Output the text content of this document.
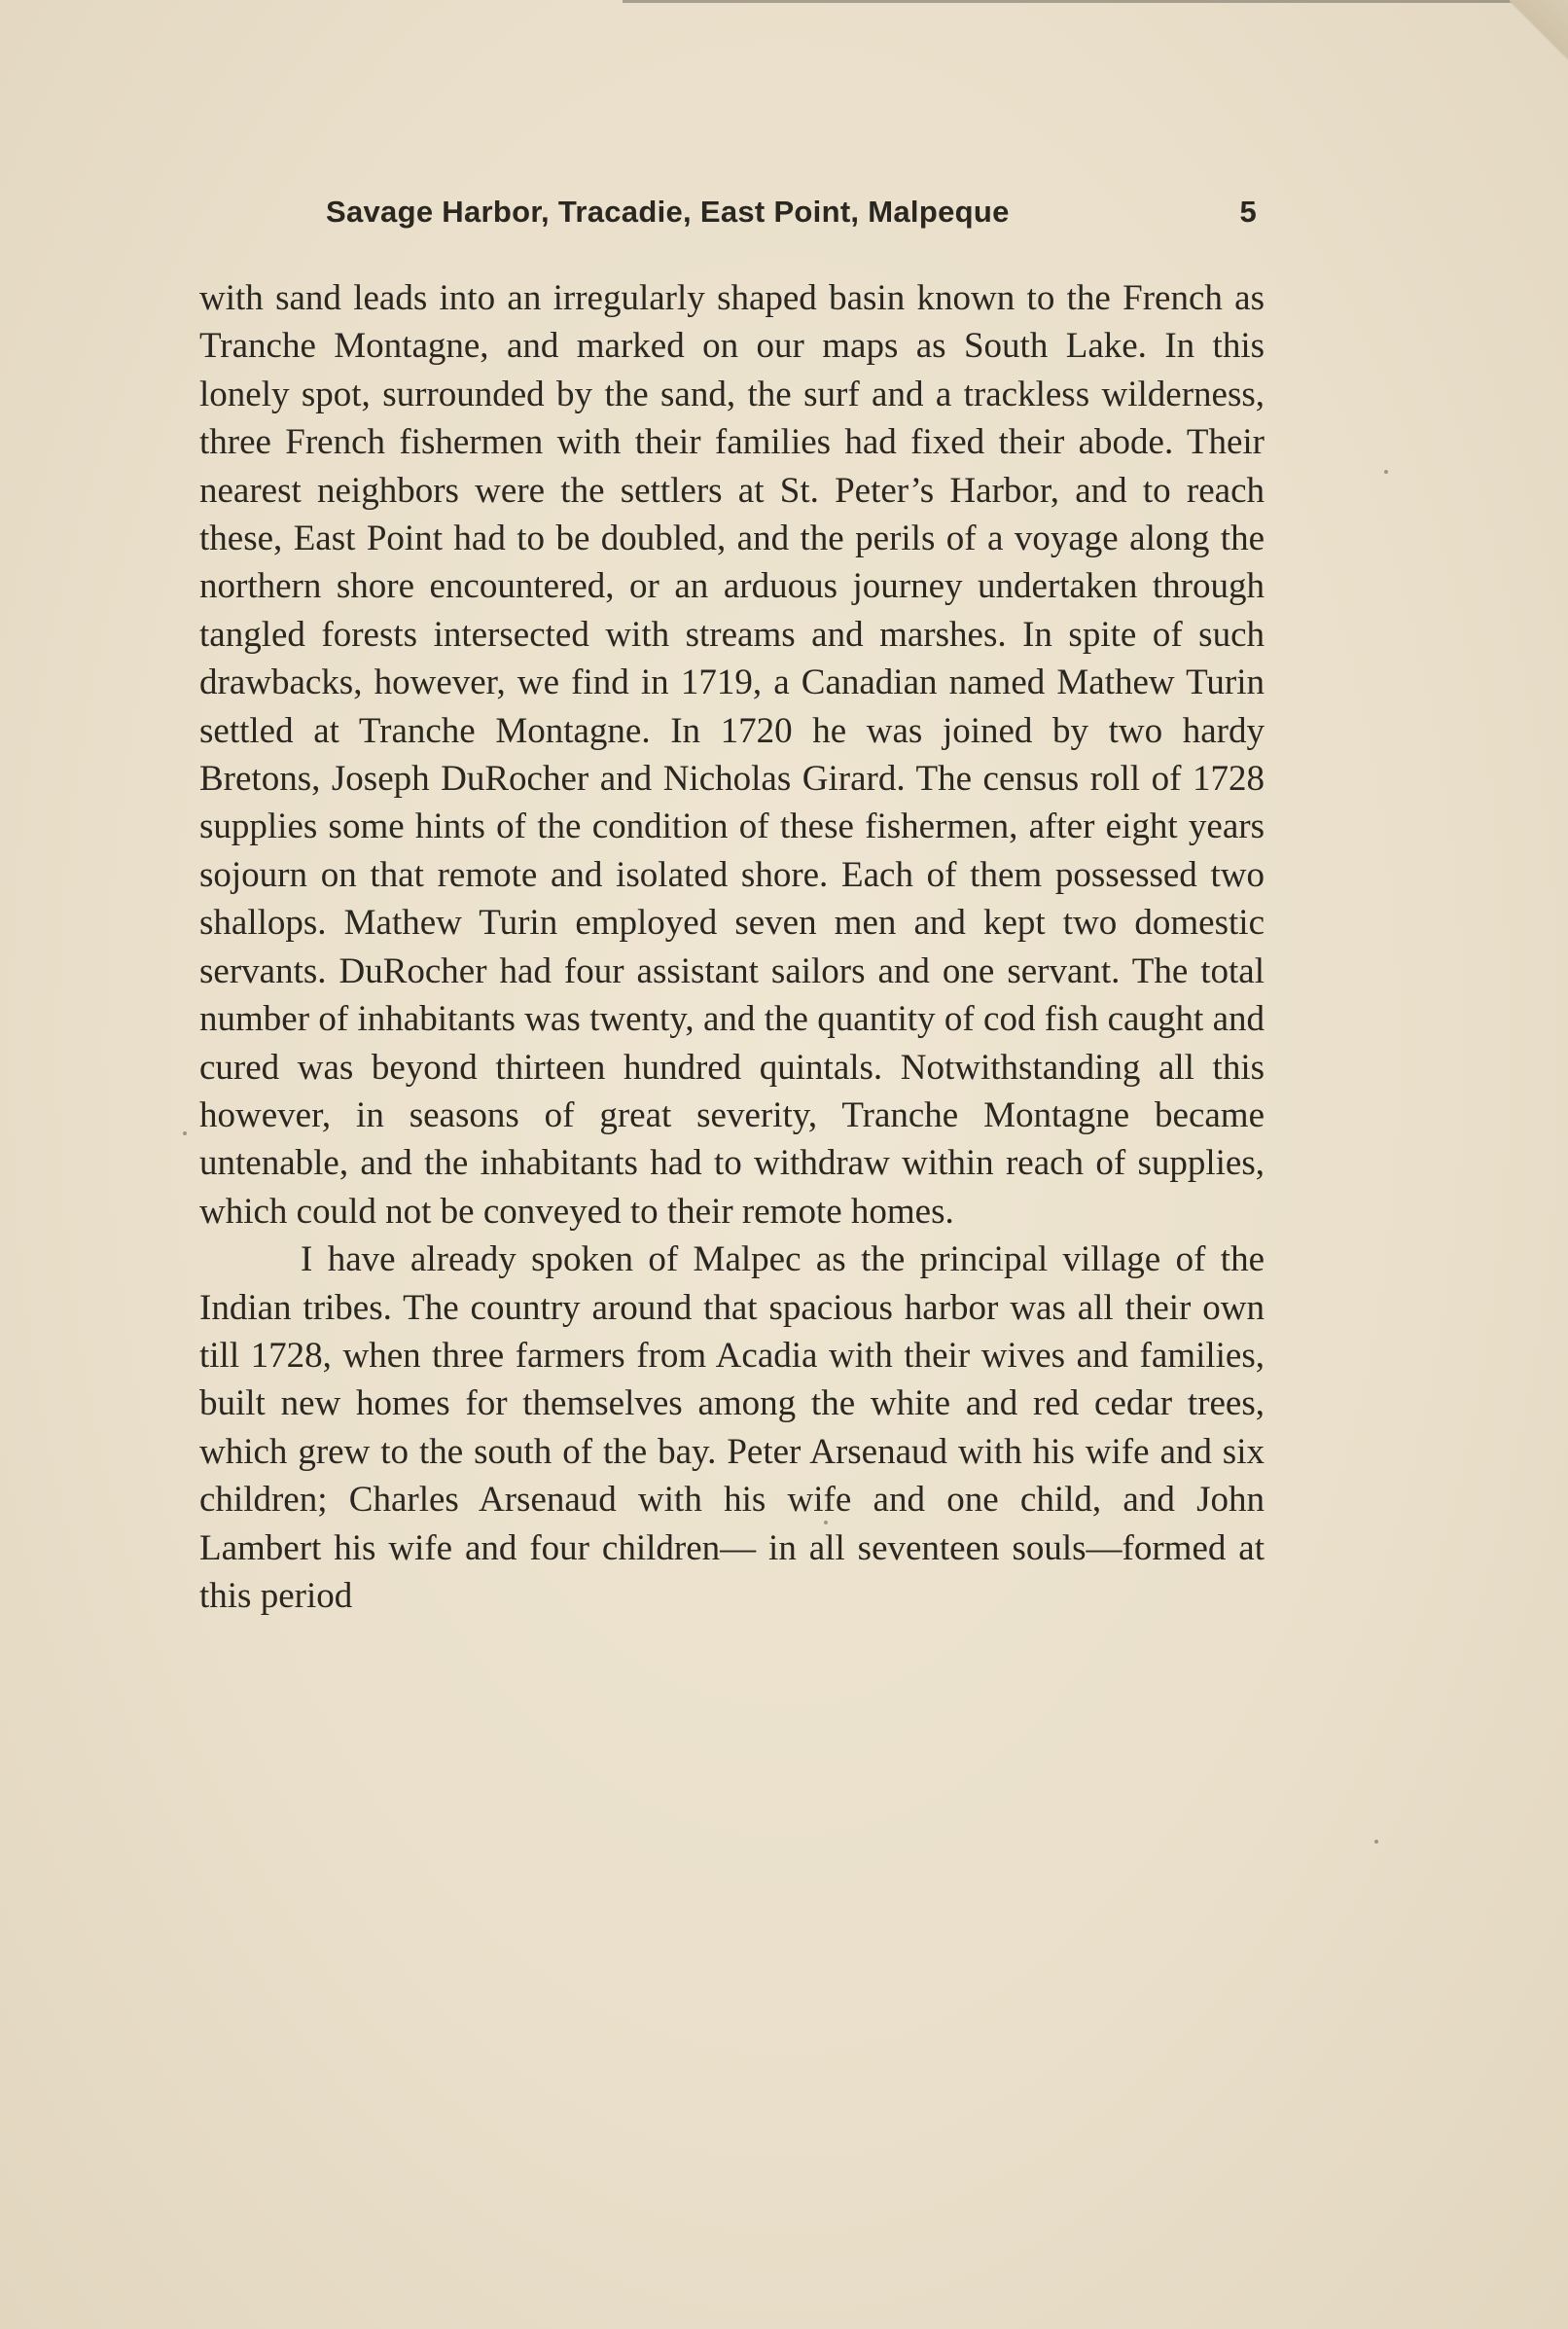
Savage Harbor, Tracadie, East Point, Malpeque	5

with sand leads into an irregularly shaped basin known to the French as Tranche Montagne, and marked on our maps as South Lake. In this lonely spot, surrounded by the sand, the surf and a trackless wilderness, three French fishermen with their families had fixed their abode. Their nearest neighbors were the settlers at St. Peter’s Harbor, and to reach these, East Point had to be doubled, and the perils of a voyage along the northern shore encountered, or an arduous journey undertaken through tangled forests intersected with streams and marshes. In spite of such drawbacks, however, we find in 1719, a Canadian named Mathew Turin settled at Tranche Montagne. In 1720 he was joined by two hardy Bretons, Joseph DuRocher and Nicholas Girard. The census roll of 1728 supplies some hints of the condition of these fishermen, after eight years sojourn on that remote and isolated shore. Each of them possessed two shallops. Mathew Turin employed seven men and kept two domestic servants. DuRocher had four assistant sailors and one servant. The total number of inhabitants was twenty, and the quantity of cod fish caught and cured was beyond thirteen hundred quintals. Notwithstanding all this however, in seasons of great severity, Tranche Montagne became untenable, and the inhabitants had to withdraw within reach of supplies, which could not be conveyed to their remote homes.

I have already spoken of Malpec as the principal village of the Indian tribes. The country around that spacious harbor was all their own till 1728, when three farmers from Acadia with their wives and families, built new homes for themselves among the white and red cedar trees, which grew to the south of the bay. Peter Arsenaud with his wife and six children; Charles Arsenaud with his wife and one child, and John Lambert his wife and four children— in all seventeen souls—formed at this period
